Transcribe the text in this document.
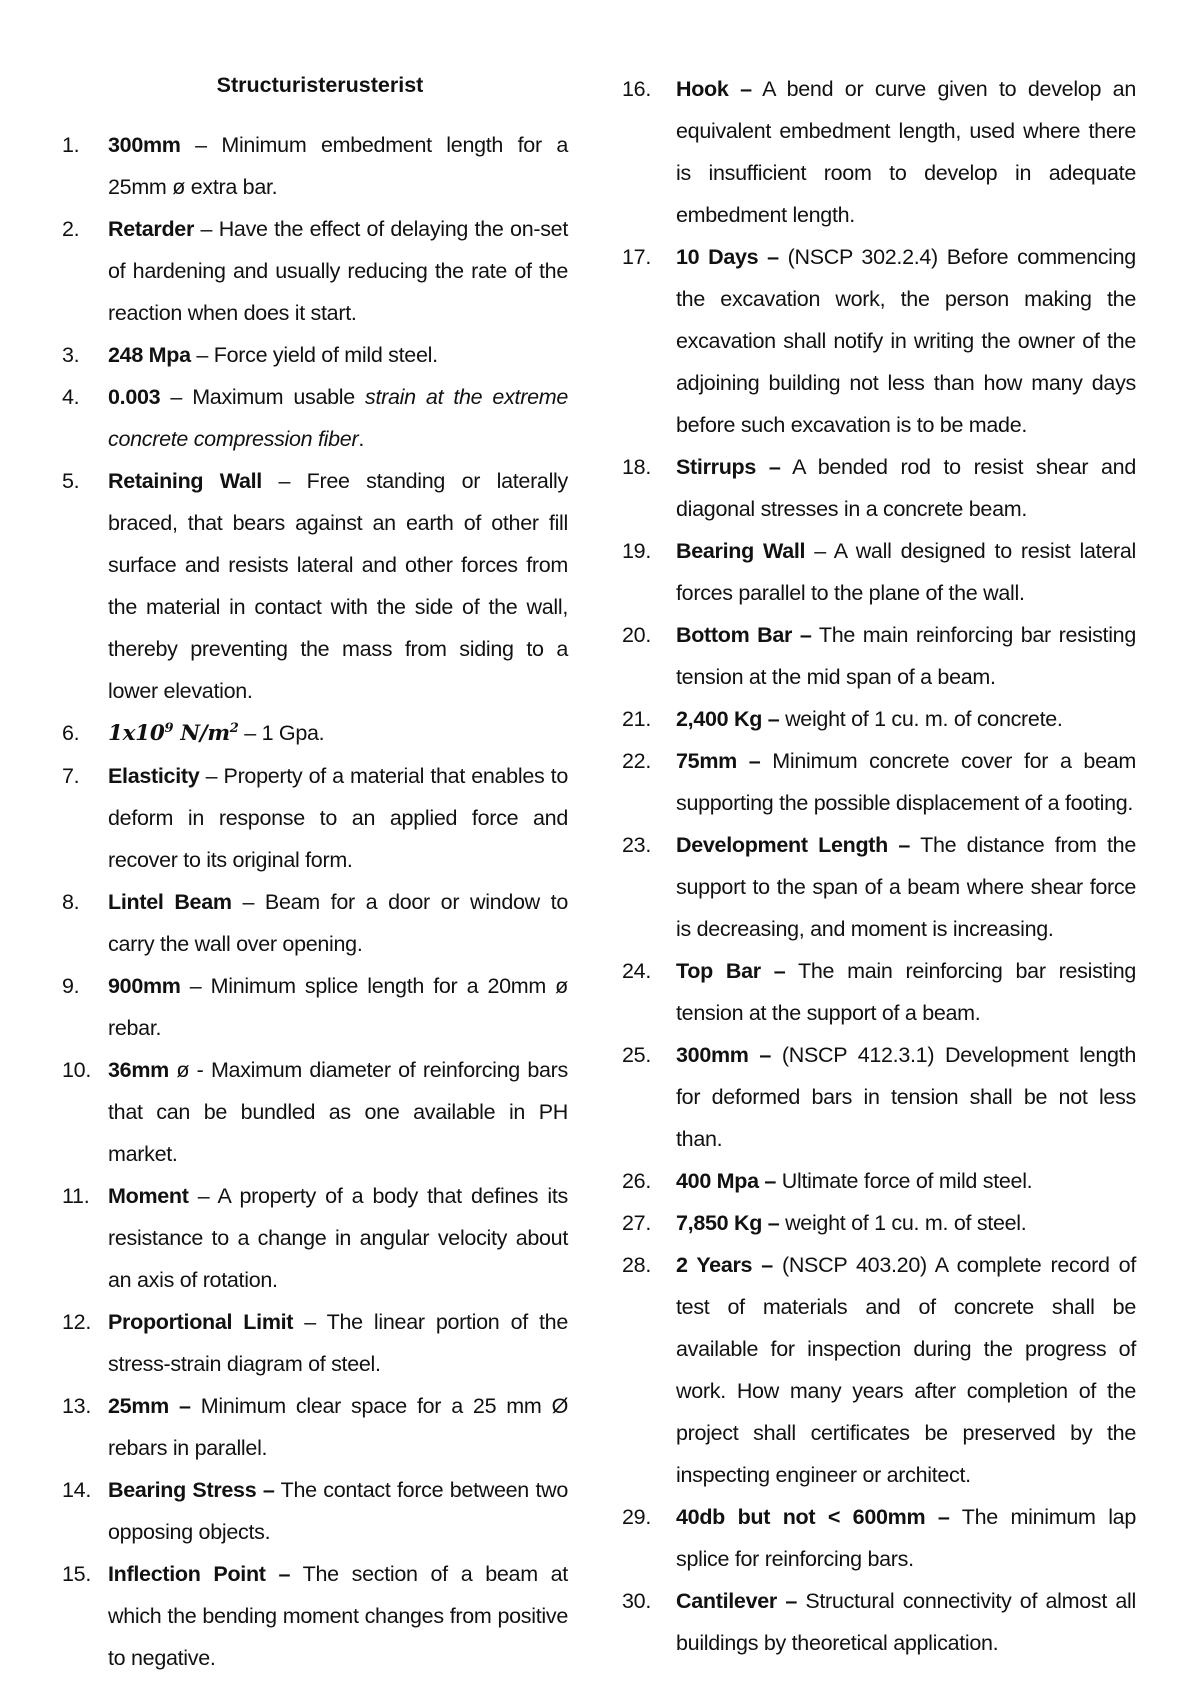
Structuristerusterist
1.	300mm – Minimum embedment length for a 25mm ø extra bar.
2.	Retarder – Have the effect of delaying the on-set of hardening and usually reducing the rate of the reaction when does it start.
3.	248 Mpa – Force yield of mild steel.
4.	0.003 – Maximum usable strain at the extreme concrete compression fiber.
5.	Retaining Wall – Free standing or laterally braced, that bears against an earth of other fill surface and resists lateral and other forces from the material in contact with the side of the wall, thereby preventing the mass from siding to a lower elevation.
6.	$1x10^9$ $N/m^2 - 1$ Gpa.
7.	Elasticity – Property of a material that enables to deform in response to an applied force and recover to its original form.
8.	Lintel Beam – Beam for a door or window to carry the wall over opening.
9.	900mm – Minimum splice length for a 20mm ø rebar.
10. 36mm ø - Maximum diameter of reinforcing bars that can be bundled as one available in PH market.
11. Moment – A property of a body that defines its resistance to a change in angular velocity about an axis of rotation.
12. Proportional Limit – The linear portion of the stress-strain diagram of steel.
13. 25mm – Minimum clear space for a 25 mm Ø rebars in parallel.
14. Bearing Stress – The contact force between two opposing objects.
15. Inflection Point – The section of a beam at which the bending moment changes from positive to negative.
16.	Hook – A bend or curve given to develop an equivalent embedment length, used where there is insufficient room to develop in adequate embedment length.
17.	10 Days – (NSCP 302.2.4) Before commencing the excavation work, the person making the excavation shall notify in writing the owner of the adjoining building not less than how many days before such excavation is to be made.
18.	Stirrups – A bended rod to resist shear and diagonal stresses in a concrete beam.
19.	Bearing Wall – A wall designed to resist lateral forces parallel to the plane of the wall.
20.	Bottom Bar – The main reinforcing bar resisting tension at the mid span of a beam.
21.	2,400 Kg – weight of 1 cu. m. of concrete.
22.	75mm – Minimum concrete cover for a beam supporting the possible displacement of a footing.
23.	Development Length – The distance from the support to the span of a beam where shear force is decreasing, and moment is increasing.
24.	Top Bar – The main reinforcing bar resisting tension at the support of a beam.
25.	300mm – (NSCP 412.3.1) Development length for deformed bars in tension shall be not less than.
26.	400 Mpa – Ultimate force of mild steel.
27.	7,850 Kg – weight of 1 cu. m. of steel.
28.	2 Years – (NSCP 403.20) A complete record of test of materials and of concrete shall be available for inspection during the progress of work. How many years after completion of the project shall certificates be preserved by the inspecting engineer or architect.
29.	40db but not < 600mm – The minimum lap splice for reinforcing bars.
30.	Cantilever – Structural connectivity of almost all buildings by theoretical application.
